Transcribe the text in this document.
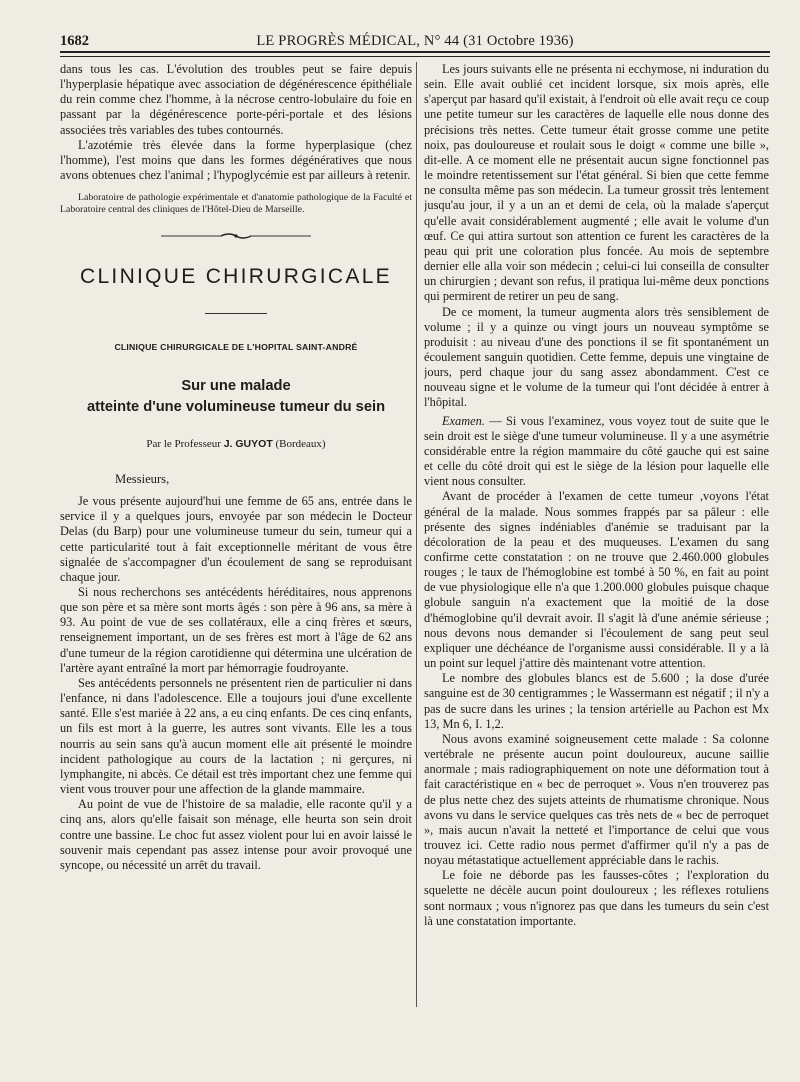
1682	LE PROGRÈS MÉDICAL, N° 44 (31 Octobre 1936)

dans tous les cas. L'évolution des troubles peut se faire depuis l'hyperplasie hépatique avec association de dégénérescence épithéliale du rein comme chez l'homme, à la nécrose centro-lobulaire du foie en passant par la dégénérescence porte-péri-portale et des lésions associées très variables des tubes contournés.

L'azotémie très élevée dans la forme hyperplasique (chez l'homme), l'est moins que dans les formes dégénératives que nous avons obtenues chez l'animal ; l'hypoglycémie est par ailleurs à retenir.

Laboratoire de pathologie expérimentale et d'anatomie pathologique de la Faculté et Laboratoire central des cliniques de l'Hôtel-Dieu de Marseille.

CLINIQUE CHIRURGICALE
CLINIQUE CHIRURGICALE DE L'HOPITAL SAINT-ANDRÉ
Sur une malade
atteinte d'une volumineuse tumeur du sein
Par le Professeur J. GUYOT (Bordeaux)

Messieurs,

Je vous présente aujourd'hui une femme de 65 ans, entrée dans le service il y a quelques jours, envoyée par son médecin le Docteur Delas (du Barp) pour une volumineuse tumeur du sein, tumeur qui a cette particularité tout à fait exceptionnelle méritant de vous être signalée de s'accompagner d'un écoulement de sang se reproduisant chaque jour.

Si nous recherchons ses antécédents héréditaires, nous apprenons que son père et sa mère sont morts âgés : son père à 96 ans, sa mère à 93. Au point de vue de ses collatéraux, elle a cinq frères et sœurs, renseignement important, un de ses frères est mort à l'âge de 62 ans d'une tumeur de la région carotidienne qui détermina une ulcération de l'artère ayant entraîné la mort par hémorragie foudroyante.

Ses antécédents personnels ne présentent rien de particulier ni dans l'enfance, ni dans l'adolescence. Elle a toujours joui d'une excellente santé. Elle s'est mariée à 22 ans, a eu cinq enfants. De ces cinq enfants, un fils est mort à la guerre, les autres sont vivants. Elle les a tous nourris au sein sans qu'à aucun moment elle ait présenté le moindre incident pathologique au cours de la lactation ; ni gerçures, ni lymphangite, ni abcès. Ce détail est très important chez une femme qui vient vous trouver pour une affection de la glande mammaire.

Au point de vue de l'histoire de sa maladie, elle raconte qu'il y a cinq ans, alors qu'elle faisait son ménage, elle heurta son sein droit contre une bassine. Le choc fut assez violent pour lui en avoir laissé le souvenir mais cependant pas assez intense pour avoir provoqué une syncope, ou nécessité un arrêt du travail.

Les jours suivants elle ne présenta ni ecchymose, ni induration du sein. Elle avait oublié cet incident lorsque, six mois après, elle s'aperçut par hasard qu'il existait, à l'endroit où elle avait reçu ce coup une petite tumeur sur les caractères de laquelle elle nous donne des précisions très nettes. Cette tumeur était grosse comme une petite noix, pas douloureuse et roulait sous le doigt « comme une bille », dit-elle. A ce moment elle ne présentait aucun signe fonctionnel pas le moindre retentissement sur l'état général. Si bien que cette femme ne consulta même pas son médecin. La tumeur grossit très lentement jusqu'au jour, il y a un an et demi de cela, où la malade s'aperçut qu'elle avait considérablement augmenté ; elle avait le volume d'un œuf. Ce qui attira surtout son attention ce furent les caractères de la peau qui prit une coloration plus foncée. Au mois de septembre dernier elle alla voir son médecin ; celui-ci lui conseilla de consulter un chirurgien ; devant son refus, il pratiqua lui-même deux ponctions qui permirent de retirer un peu de sang.

De ce moment, la tumeur augmenta alors très sensiblement de volume ; il y a quinze ou vingt jours un nouveau symptôme se produisit : au niveau d'une des ponctions il se fit spontanément un écoulement sanguin quotidien. Cette femme, depuis une vingtaine de jours, perd chaque jour du sang assez abondamment. C'est ce nouveau signe et le volume de la tumeur qui l'ont décidée à entrer à l'hôpital.

Examen. — Si vous l'examinez, vous voyez tout de suite que le sein droit est le siège d'une tumeur volumineuse. Il y a une asymétrie considérable entre la région mammaire du côté gauche qui est saine et celle du côté droit qui est le siège de la lésion pour laquelle elle vient nous consulter.

Avant de procéder à l'examen de cette tumeur ,voyons l'état général de la malade. Nous sommes frappés par sa pâleur : elle présente des signes indéniables d'anémie se traduisant par la décoloration de la peau et des muqueuses. L'examen du sang confirme cette constatation : on ne trouve que 2.460.000 globules rouges ; le taux de l'hémoglobine est tombé à 50 %, en fait au point de vue physiologique elle n'a que 1.200.000 globules puisque chaque globule sanguin n'a exactement que la moitié de la dose d'hémoglobine qu'il devrait avoir. Il s'agit là d'une anémie sérieuse ; nous devons nous demander si l'écoulement de sang peut seul expliquer une déchéance de l'organisme aussi considérable. Il y a là un point sur lequel j'attire dès maintenant votre attention.

Le nombre des globules blancs est de 5.600 ; la dose d'urée sanguine est de 30 centigrammes ; le Wassermann est négatif ; il n'y a pas de sucre dans les urines ; la tension artérielle au Pachon est Mx 13, Mn 6, I. 1,2.

Nous avons examiné soigneusement cette malade : Sa colonne vertébrale ne présente aucun point douloureux, aucune saillie anormale ; mais radiographiquement on note une déformation tout à fait caractéristique en « bec de perroquet ». Vous n'en trouverez pas de plus nette chez des sujets atteints de rhumatisme chronique. Nous avons vu dans le service quelques cas très nets de « bec de perroquet », mais aucun n'avait la netteté et l'importance de celui que vous trouvez ici. Cette radio nous permet d'affirmer qu'il n'y a pas de noyau métastatique actuellement appréciable dans le rachis.

Le foie ne déborde pas les fausses-côtes ; l'exploration du squelette ne décèle aucun point douloureux ; les réflexes rotuliens sont normaux ; vous n'ignorez pas que dans les tumeurs du sein c'est là une constatation importante.
